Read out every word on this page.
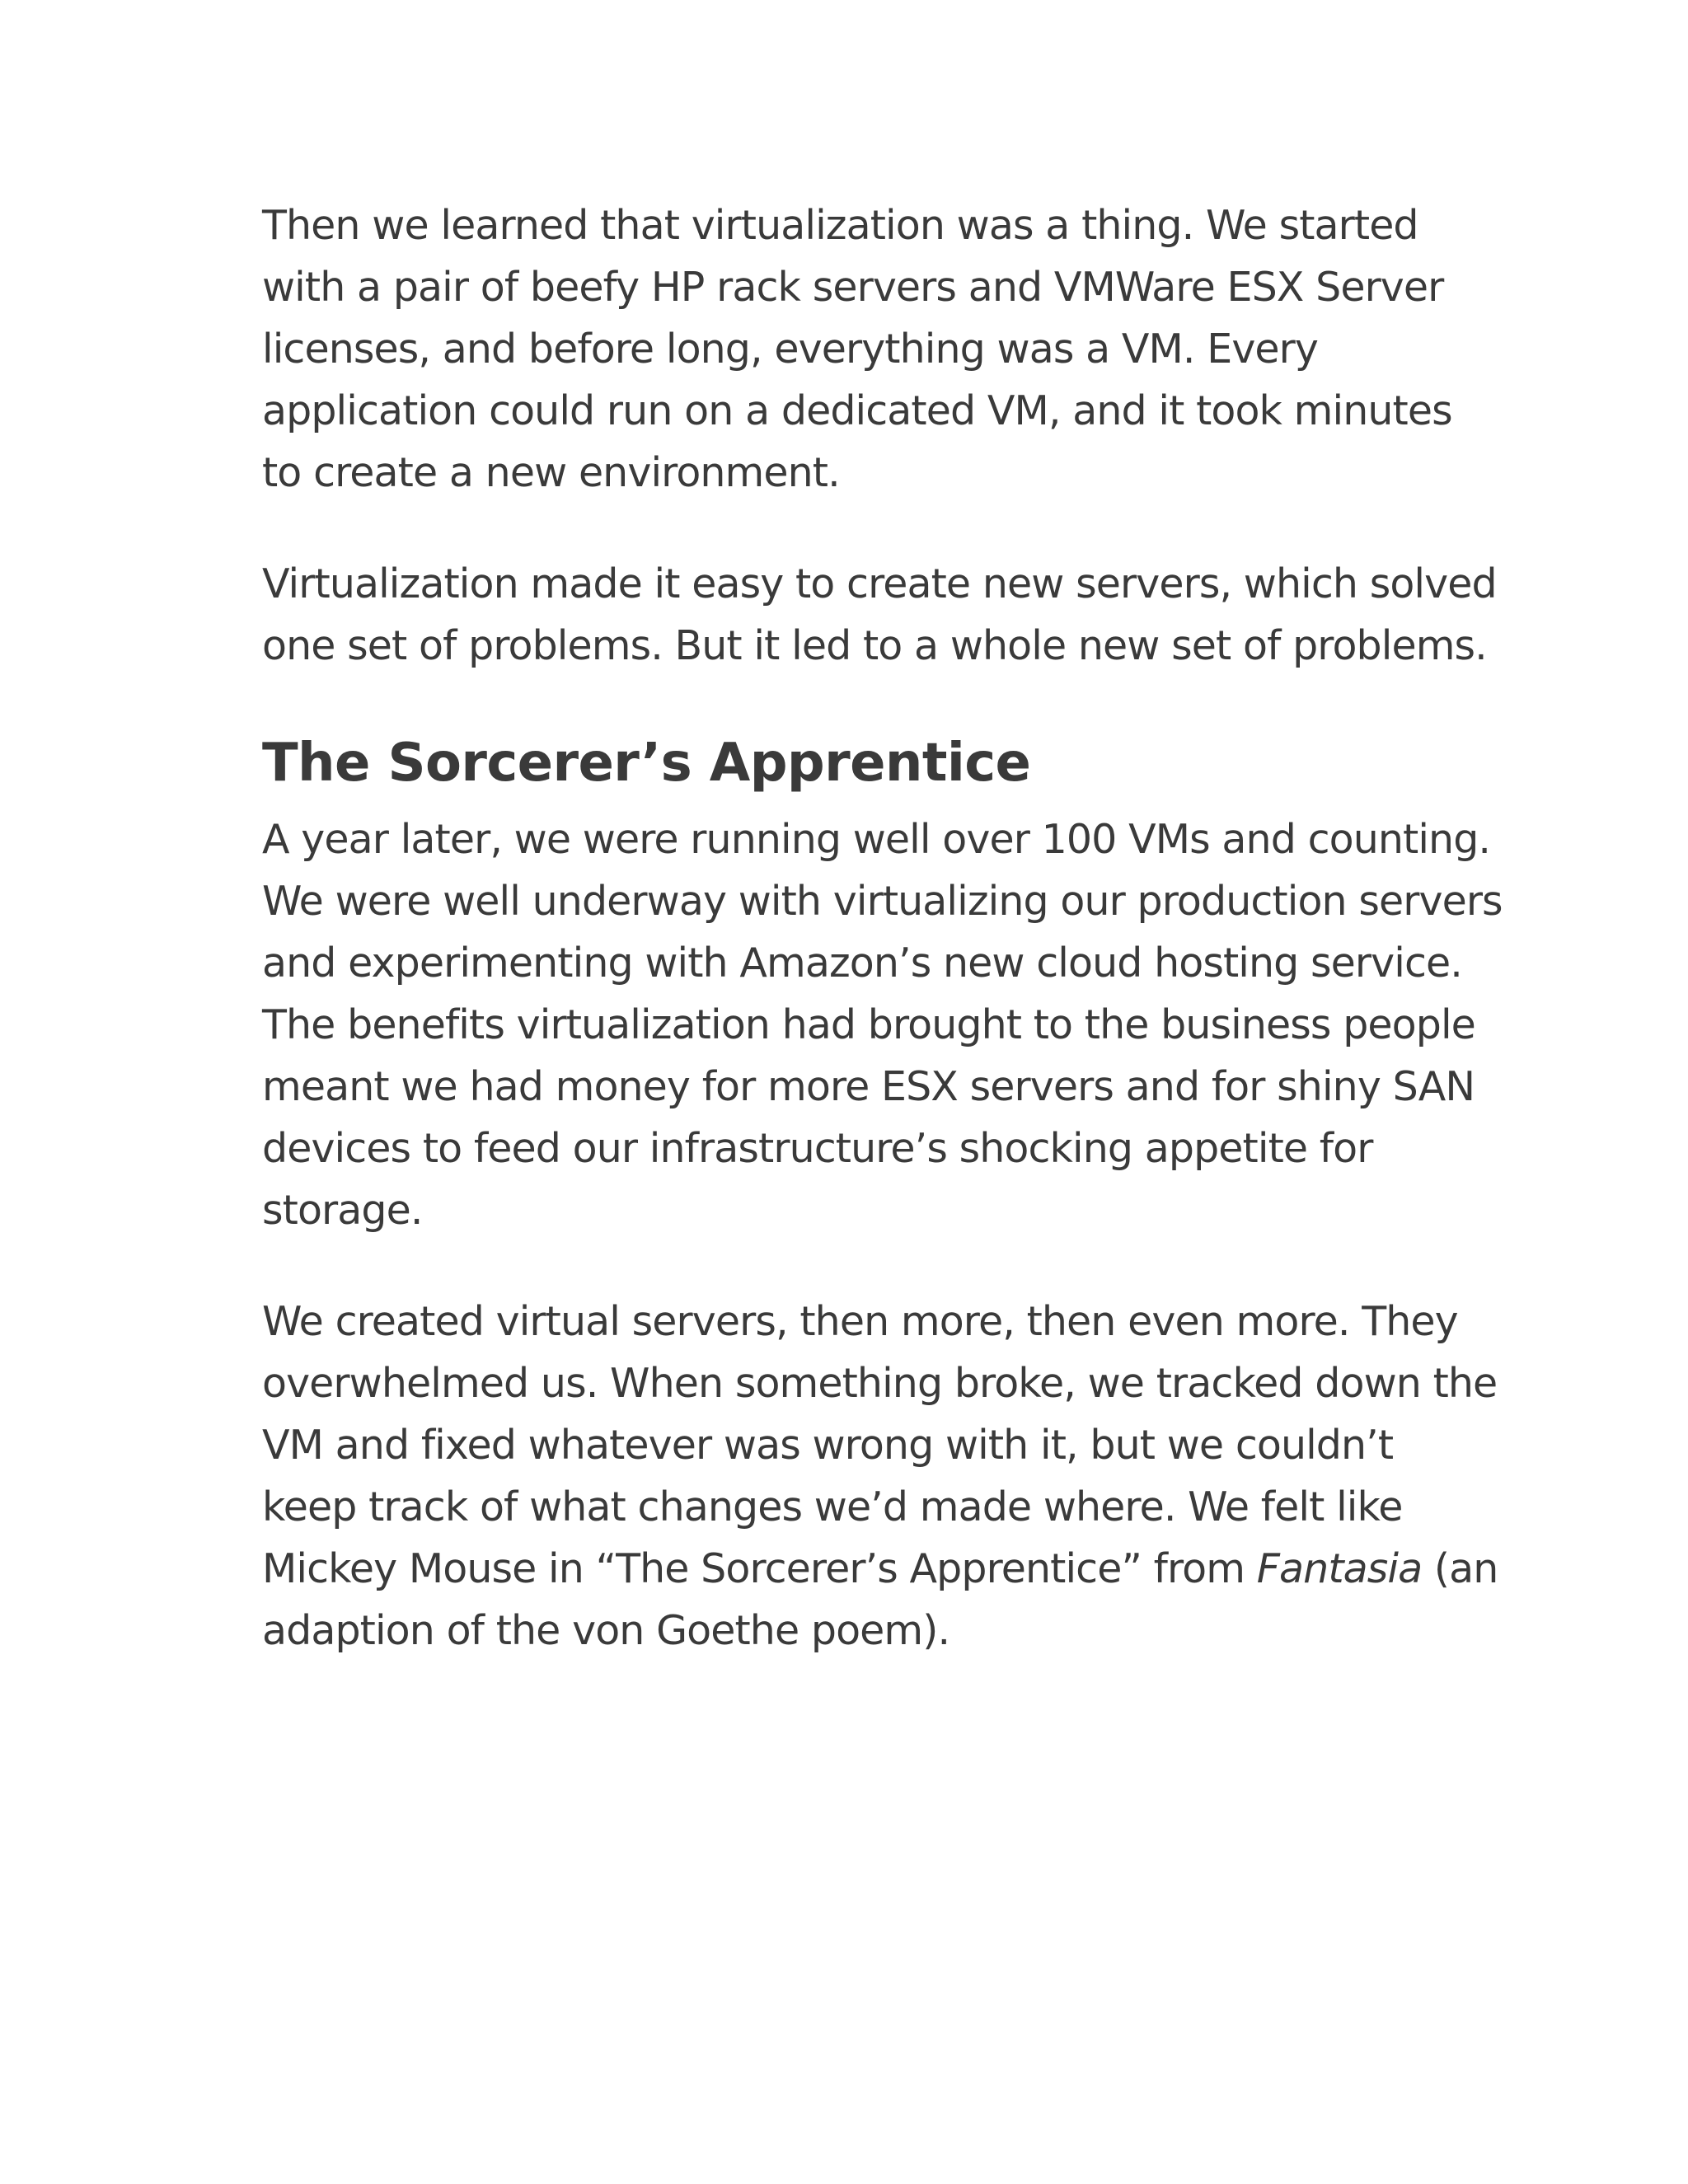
Then we learned that virtualization was a thing. We started
with a pair of beefy HP rack servers and VMWare ESX Server
licenses, and before long, everything was a VM. Every
application could run on a dedicated VM, and it took minutes
to create a new environment.
Virtualization made it easy to create new servers, which solved
one set of problems. But it led to a whole new set of problems.
The Sorcerer’s Apprentice
A year later, we were running well over 100 VMs and counting.
We were well underway with virtualizing our production servers
and experimenting with Amazon’s new cloud hosting service.
The benefits virtualization had brought to the business people
meant we had money for more ESX servers and for shiny SAN
devices to feed our infrastructure’s shocking appetite for
storage.
We created virtual servers, then more, then even more. They
overwhelmed us. When something broke, we tracked down the
VM and fixed whatever was wrong with it, but we couldn’t
keep track of what changes we’d made where. We felt like
Mickey Mouse in “The Sorcerer’s Apprentice” from Fantasia (an
adaption of the von Goethe poem).
